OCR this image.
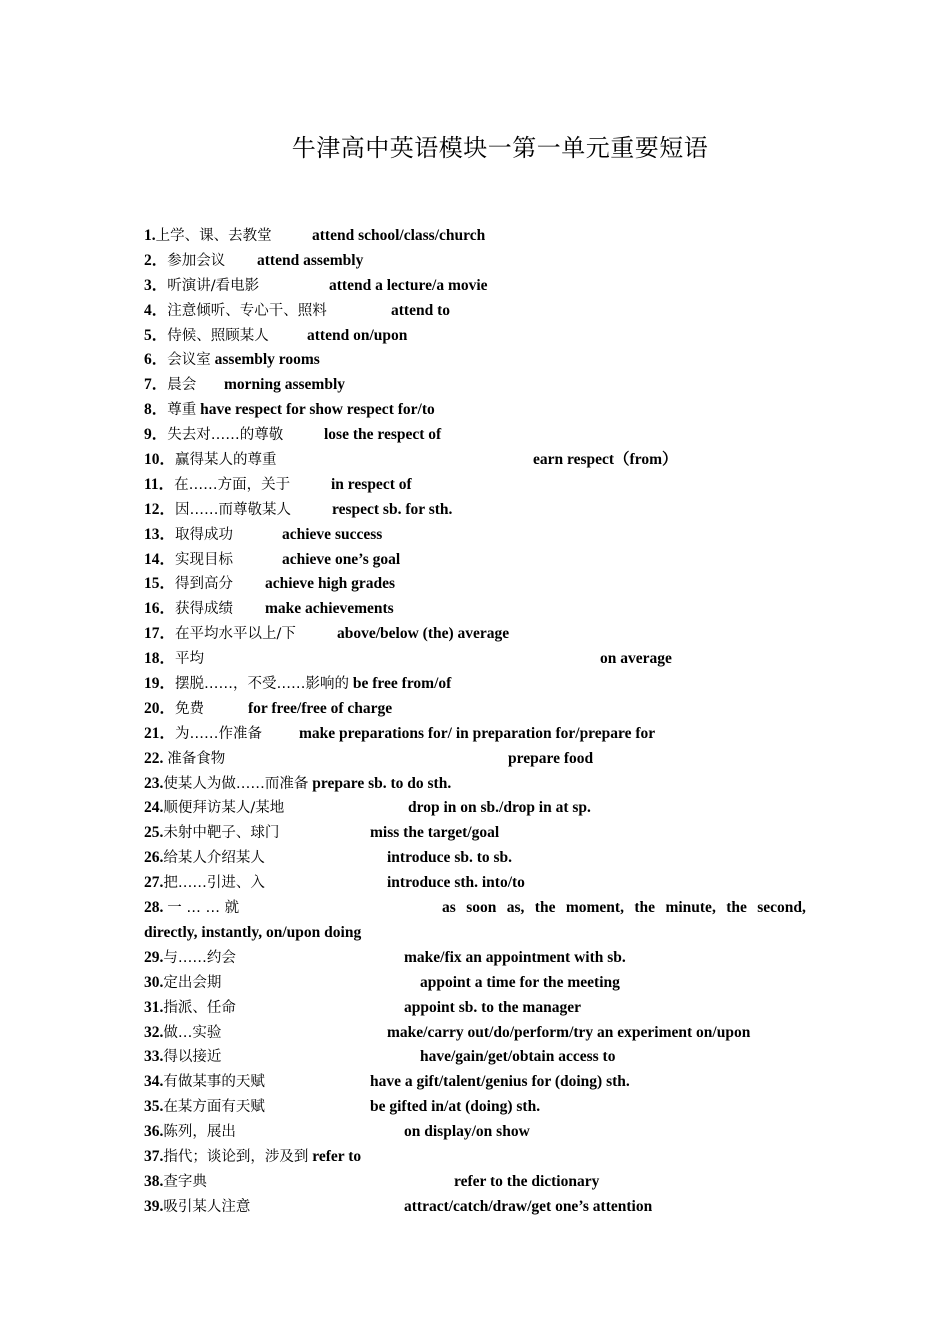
牛津高中英语模块一第一单元重要短语
1.上学、课、去教堂	attend school/class/church
2．参加会议 attend assembly
3．听演讲/看电影	attend a lecture/a movie
4．注意倾听、专心干、照料	attend to
5．侍候、照顾某人 attend on/upon
6．会议室 assembly rooms
7．晨会 morning assembly
8．尊重 have respect for show respect for/to
9．失去对……的尊敬	lose the respect of
10．赢得某人的尊重	earn respect（from）
11．在……方面，关于	in respect of
12．因……而尊敬某人	respect sb. for sth.
13．取得成功	achieve success
14．实现目标	achieve one’s goal
15．得到高分 achieve high grades
16．获得成绩 make achievements
17．在平均水平以上/下	above/below (the) average
18．平均	on average
19．摆脱……，不受……影响的 be free from/of
20．免费	for free/free of charge
21．为……作准备 make preparations for/ in preparation for/prepare for
22. 准备食物	prepare food
23.使某人为做……而准备 prepare sb. to do sth.
24.顺便拜访某人/某地	drop in on sb./drop in at sp.
25.未射中靶子、球门	miss the target/goal
26.给某人介绍某人	introduce sb. to sb.
27.把……引进、入	introduce sth. into/to
28. 一 … … 就	as soon as, the moment, the minute, the second,
directly, instantly, on/upon doing
29.与……约会	make/fix an appointment with sb.
30.定出会期	appoint a time for the meeting
31.指派、任命	appoint sb. to the manager
32.做…实验	make/carry out/do/perform/try an experiment on/upon
33.得以接近	have/gain/get/obtain access to
34.有做某事的天赋	have a gift/talent/genius for (doing) sth.
35.在某方面有天赋	be gifted in/at (doing) sth.
36.陈列，展出	on display/on show
37.指代；谈论到，涉及到 refer to
38.查字典	refer to the dictionary
39.吸引某人注意	attract/catch/draw/get one’s attention
